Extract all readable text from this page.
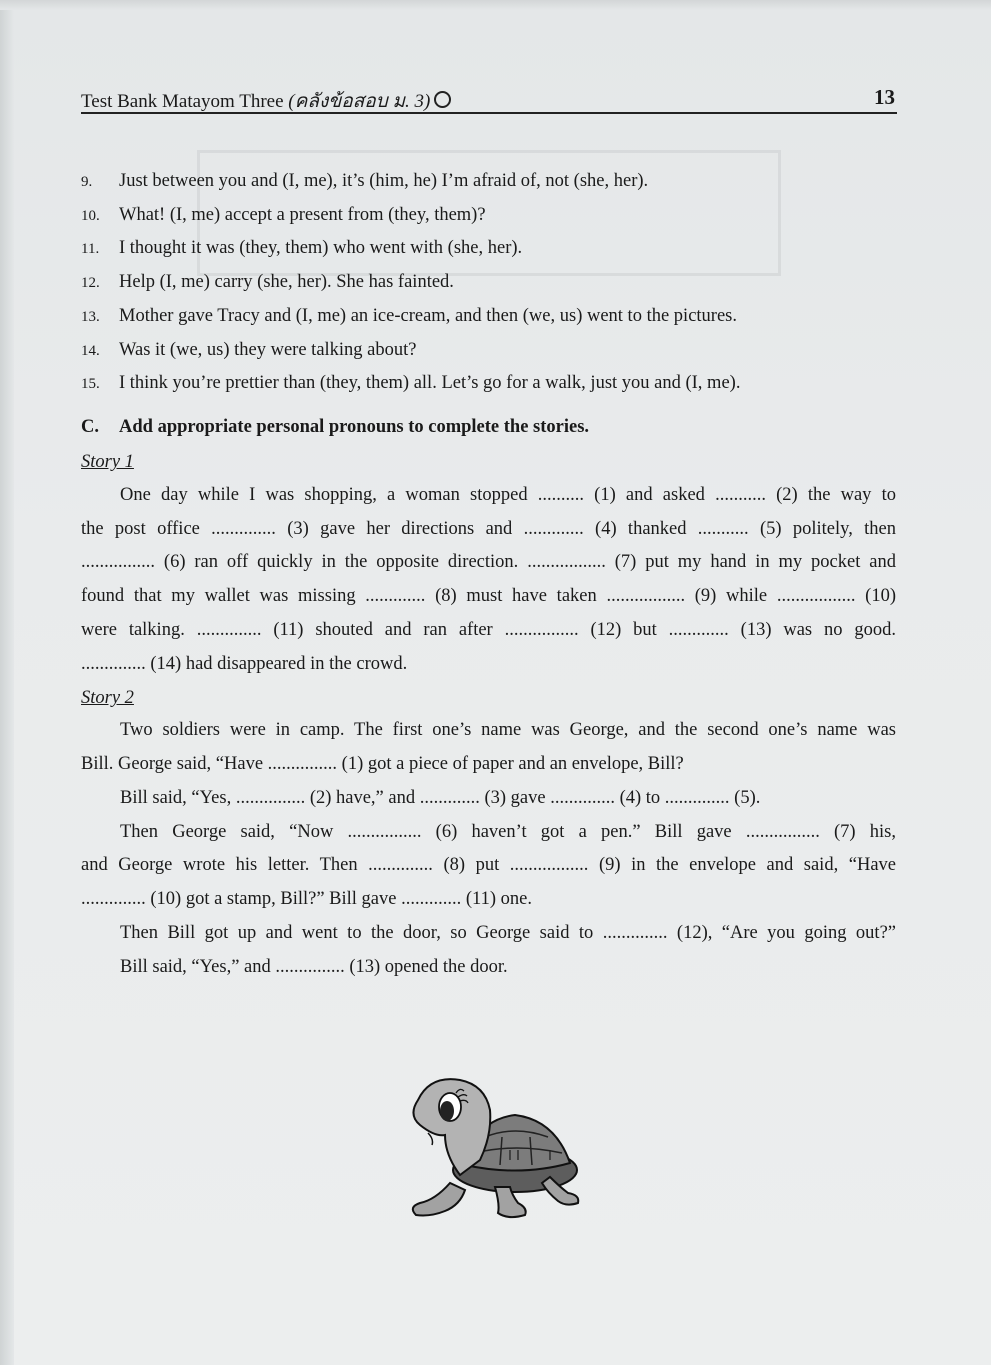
Test Bank Matayom Three (คลังข้อสอบ ม. 3)	13
9. Just between you and (I, me), it’s (him, he) I’m afraid of, not (she, her).
10. What! (I, me) accept a present from (they, them)?
11. I thought it was (they, them) who went with (she, her).
12. Help (I, me) carry (she, her). She has fainted.
13. Mother gave Tracy and (I, me) an ice-cream, and then (we, us) went to the pictures.
14. Was it (we, us) they were talking about?
15. I think you’re prettier than (they, them) all. Let’s go for a walk, just you and (I, me).
C. Add appropriate personal pronouns to complete the stories.
Story 1
One day while I was shopping, a woman stopped .......... (1) and asked ........... (2) the way to
the post office .............. (3) gave her directions and ............. (4) thanked ........... (5) politely, then
................ (6) ran off quickly in the opposite direction. ................. (7) put my hand in my pocket and
found that my wallet was missing ............. (8) must have taken ................. (9) while ................. (10)
were talking. .............. (11) shouted and ran after ................ (12) but ............. (13) was no good.
.............. (14) had disappeared in the crowd.
Story 2
Two soldiers were in camp. The first one’s name was George, and the second one’s name was
Bill. George said, “Have ............... (1) got a piece of paper and an envelope, Bill?
Bill said, “Yes, ............... (2) have,” and ............. (3) gave .............. (4) to .............. (5).
Then George said, “Now ................ (6) haven’t got a pen.” Bill gave ................ (7) his,
and George wrote his letter. Then .............. (8) put ................. (9) in the envelope and said, “Have
.............. (10) got a stamp, Bill?” Bill gave ............. (11) one.
Then Bill got up and went to the door, so George said to .............. (12), “Are you going out?”
Bill said, “Yes,” and ............... (13) opened the door.
